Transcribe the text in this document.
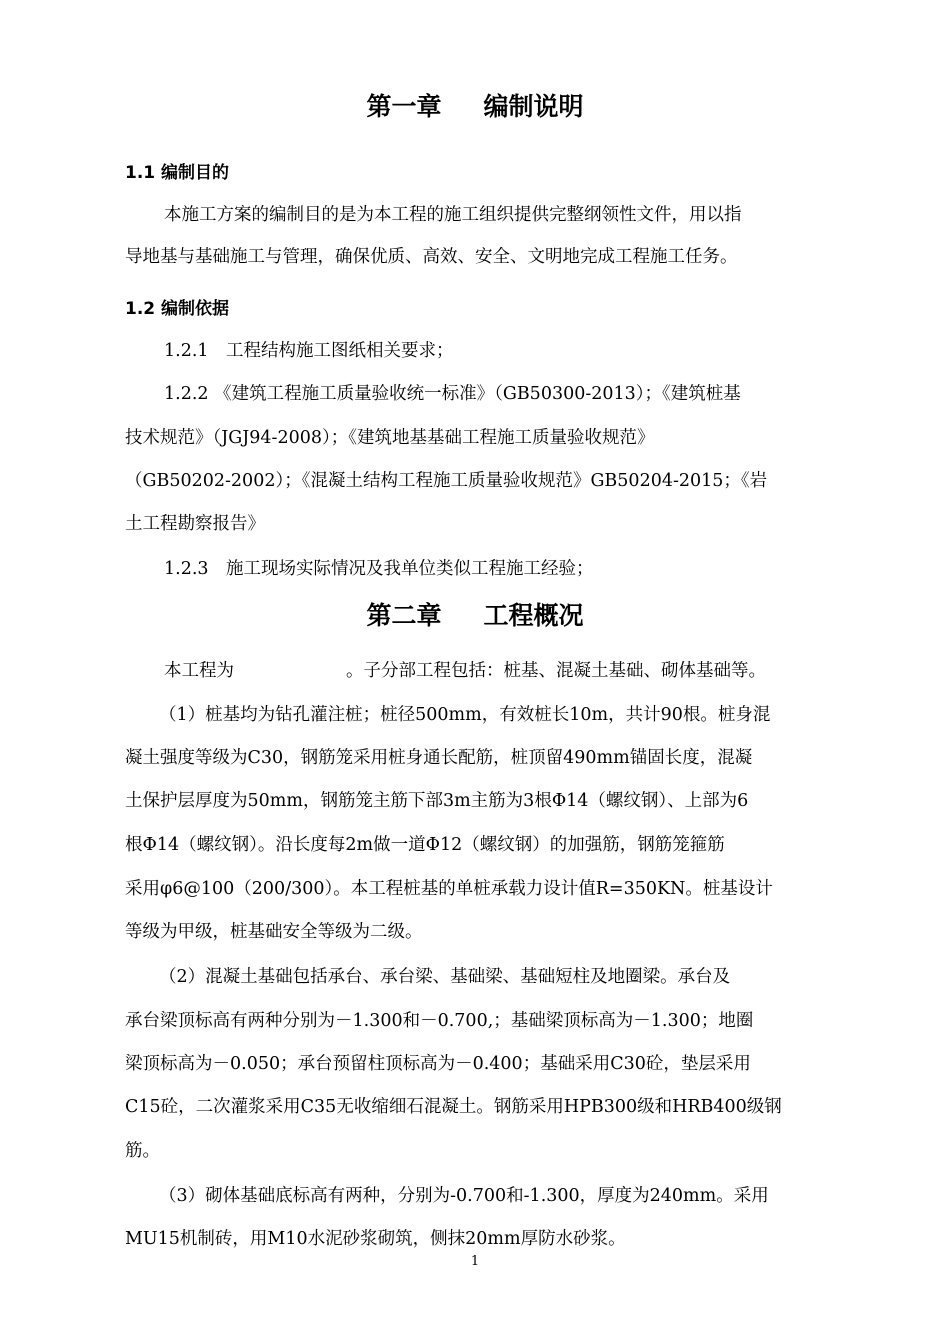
第一章 编制说明
1.1 编制目的
本施工方案的编制目的是为本工程的施工组织提供完整纲领性文件，用以指
导地基与基础施工与管理，确保优质、高效、安全、文明地完成工程施工任务。
1.2 编制依据
1.2.1　工程结构施工图纸相关要求；
1.2.2 《建筑工程施工质量验收统一标准》（GB50300-2013）；《建筑桩基
技术规范》（JGJ94-2008）；《建筑地基基础工程施工质量验收规范》
（GB50202-2002）；《混凝土结构工程施工质量验收规范》GB50204-2015；《岩
土工程勘察报告》
1.2.3　施工现场实际情况及我单位类似工程施工经验；
第二章 工程概况
本工程为	。子分部工程包括：桩基、混凝土基础、砌体基础等。
（1）桩基均为钻孔灌注桩；桩径500mm，有效桩长10m，共计90根。桩身混
凝土强度等级为C30，钢筋笼采用桩身通长配筋，桩顶留490mm锚固长度，混凝
土保护层厚度为50mm，钢筋笼主筋下部3m主筋为3根Φ14（螺纹钢）、上部为6
根Φ14（螺纹钢）。沿长度每2m做一道Φ12（螺纹钢）的加强筋，钢筋笼箍筋
采用φ6@100（200/300）。本工程桩基的单桩承载力设计值R=350KN。桩基设计
等级为甲级，桩基础安全等级为二级。
（2）混凝土基础包括承台、承台梁、基础梁、基础短柱及地圈梁。承台及
承台梁顶标高有两种分别为－1.300和－0.700,；基础梁顶标高为－1.300；地圈
梁顶标高为－0.050；承台预留柱顶标高为－0.400；基础采用C30砼，垫层采用
C15砼，二次灌浆采用C35无收缩细石混凝土。钢筋采用HPB300级和HRB400级钢
筋。
（3）砌体基础底标高有两种，分别为-0.700和-1.300，厚度为240mm。采用
MU15机制砖，用M10水泥砂浆砌筑，侧抹20mm厚防水砂浆。
1
